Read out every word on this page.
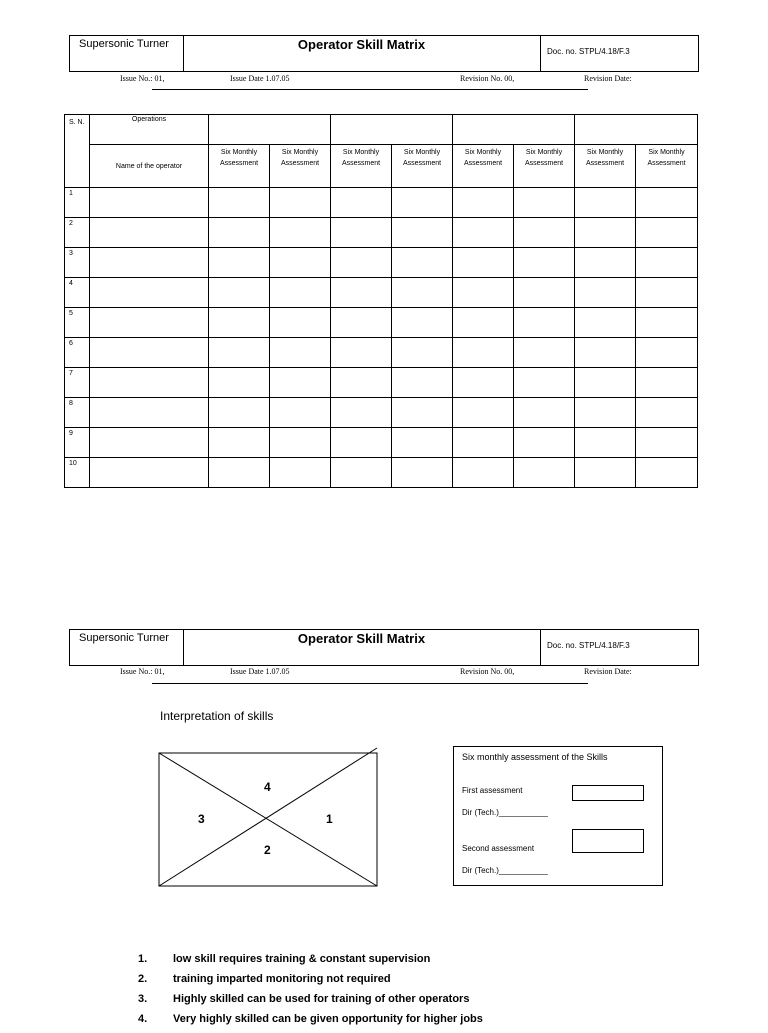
Supersonic Turner	Operator Skill Matrix	Doc. no. STPL/4.18/F.3
Issue No.: 01,	Issue Date 1.07.05	Revision No. 00,	Revision Date:
S. N.	Operations								
	Name of the operator	Six Monthly Assessment	Six Monthly Assessment	Six Monthly Assessment	Six Monthly Assessment	Six Monthly Assessment	Six Monthly Assessment	Six Monthly Assessment	Six Monthly Assessment
1									
2									
3									
4									
5									
6									
7									
8									
9									
10									
Supersonic Turner	Operator Skill Matrix	Doc. no. STPL/4.18/F.3
Issue No.: 01,	Issue Date 1.07.05	Revision No. 00,	Revision Date:
Interpretation of skills
4
3	1
2
Six monthly assessment of the Skills
First assessment
Dir (Tech.)___________
Second assessment
Dir (Tech.)___________
1. low skill requires training & constant supervision
2. training imparted monitoring not required
3. Highly skilled can be used for training of other operators
4. Very highly skilled can be given opportunity for higher jobs
